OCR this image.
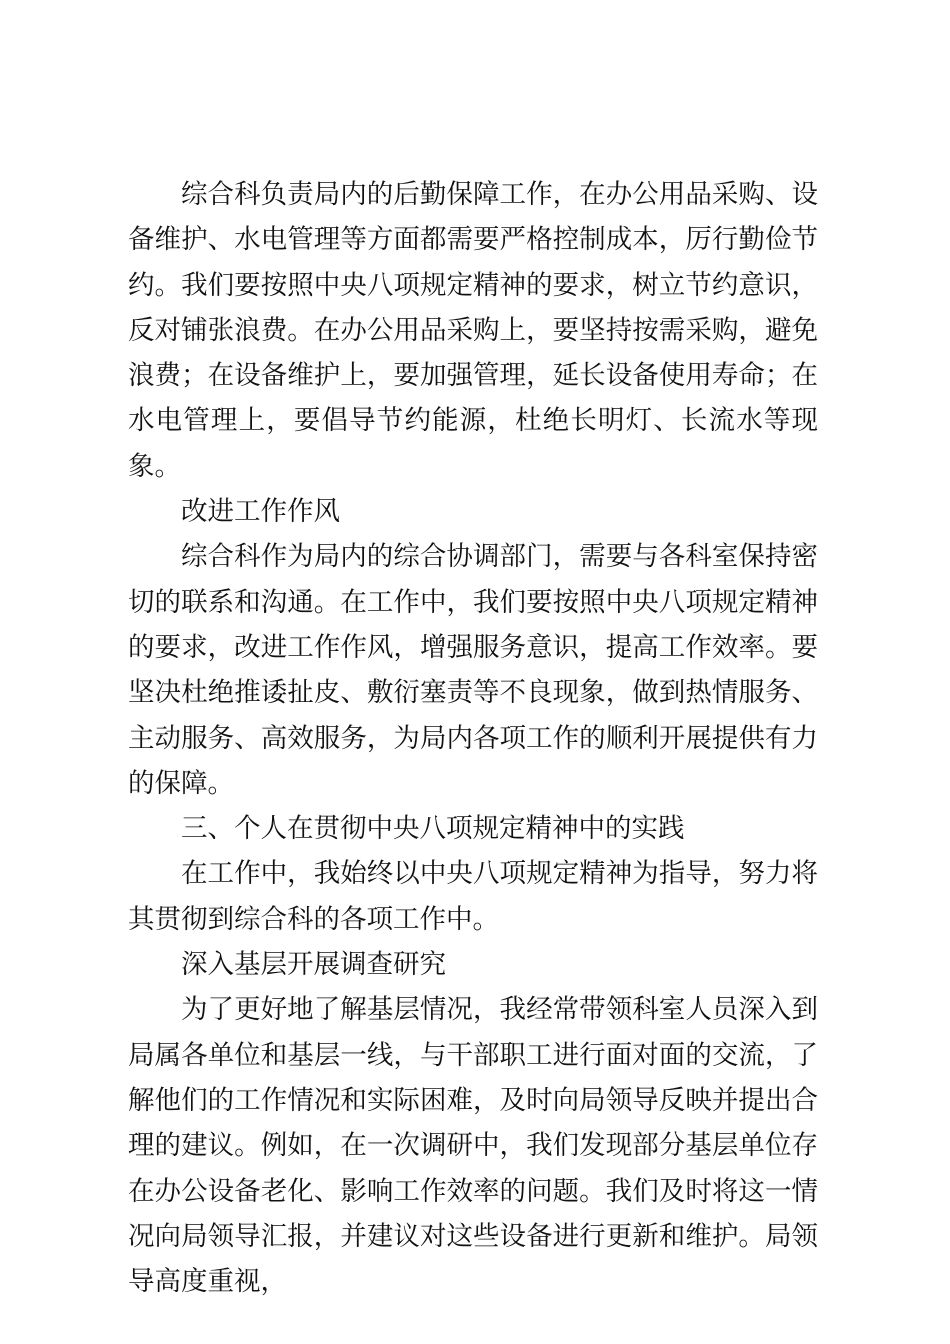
综合科负责局内的后勤保障工作，在办公用品采购、设备维护、水电管理等方面都需要严格控制成本，厉行勤俭节约。我们要按照中央八项规定精神的要求，树立节约意识，反对铺张浪费。在办公用品采购上，要坚持按需采购，避免浪费；在设备维护上，要加强管理，延长设备使用寿命；在水电管理上，要倡导节约能源，杜绝长明灯、长流水等现象。

改进工作作风

综合科作为局内的综合协调部门，需要与各科室保持密切的联系和沟通。在工作中，我们要按照中央八项规定精神的要求，改进工作作风，增强服务意识，提高工作效率。要坚决杜绝推诿扯皮、敷衍塞责等不良现象，做到热情服务、主动服务、高效服务，为局内各项工作的顺利开展提供有力的保障。

三、个人在贯彻中央八项规定精神中的实践

在工作中，我始终以中央八项规定精神为指导，努力将其贯彻到综合科的各项工作中。

深入基层开展调查研究

为了更好地了解基层情况，我经常带领科室人员深入到局属各单位和基层一线，与干部职工进行面对面的交流，了解他们的工作情况和实际困难，及时向局领导反映并提出合理的建议。例如，在一次调研中，我们发现部分基层单位存在办公设备老化、影响工作效率的问题。我们及时将这一情况向局领导汇报，并建议对这些设备进行更新和维护。局领导高度重视，
